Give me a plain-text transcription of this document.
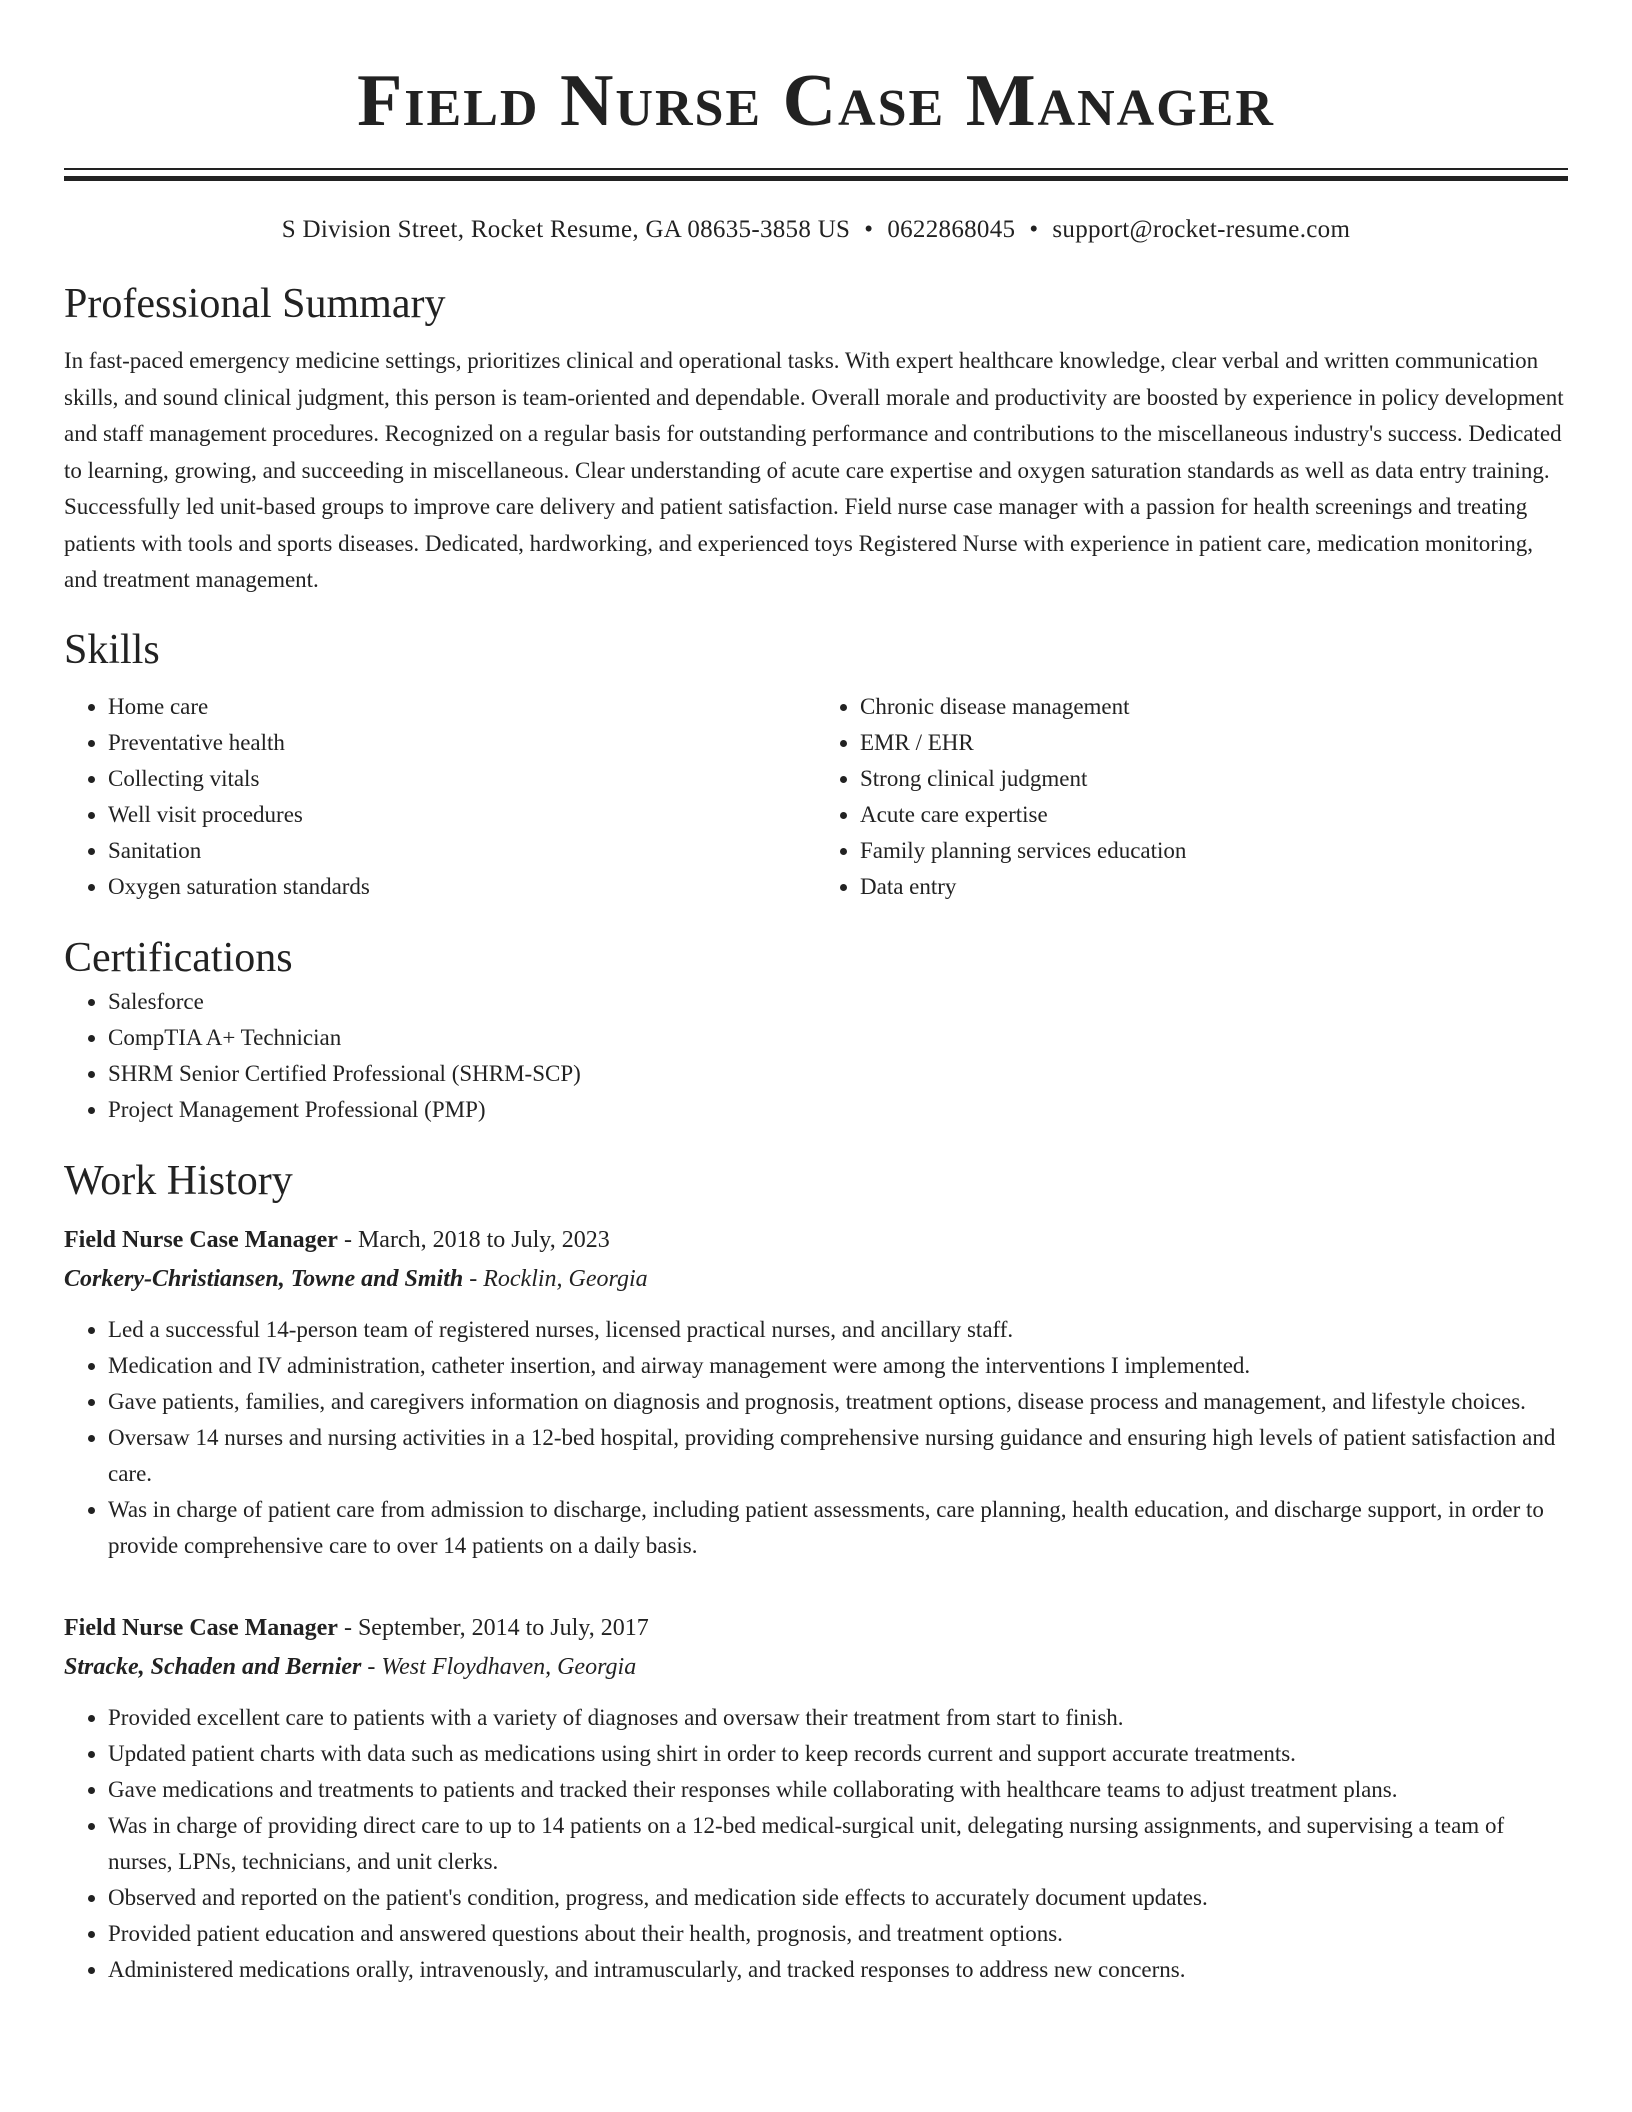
Field Nurse Case Manager
S Division Street, Rocket Resume, GA 08635-3858 US • 0622868045 • support@rocket-resume.com
Professional Summary

In fast-paced emergency medicine settings, prioritizes clinical and operational tasks. With expert healthcare knowledge, clear verbal and written communication skills, and sound clinical judgment, this person is team-oriented and dependable. Overall morale and productivity are boosted by experience in policy development and staff management procedures. Recognized on a regular basis for outstanding performance and contributions to the miscellaneous industry's success. Dedicated to learning, growing, and succeeding in miscellaneous. Clear understanding of acute care expertise and oxygen saturation standards as well as data entry training. Successfully led unit-based groups to improve care delivery and patient satisfaction. Field nurse case manager with a passion for health screenings and treating patients with tools and sports diseases. Dedicated, hardworking, and experienced toys Registered Nurse with experience in patient care, medication monitoring, and treatment management.

Skills
• Home care
• Preventative health
• Collecting vitals
• Well visit procedures
• Sanitation
• Oxygen saturation standards
• Chronic disease management
• EMR / EHR
• Strong clinical judgment
• Acute care expertise
• Family planning services education
• Data entry
Certifications
• Salesforce
• CompTIA A+ Technician
• SHRM Senior Certified Professional (SHRM-SCP)
• Project Management Professional (PMP)
Work History
Field Nurse Case Manager - March, 2018 to July, 2023
Corkery-Christiansen, Towne and Smith - Rocklin, Georgia
• Led a successful 14-person team of registered nurses, licensed practical nurses, and ancillary staff.
• Medication and IV administration, catheter insertion, and airway management were among the interventions I implemented.
• Gave patients, families, and caregivers information on diagnosis and prognosis, treatment options, disease process and management, and lifestyle choices.
• Oversaw 14 nurses and nursing activities in a 12-bed hospital, providing comprehensive nursing guidance and ensuring high levels of patient satisfaction and care.
• Was in charge of patient care from admission to discharge, including patient assessments, care planning, health education, and discharge support, in order to provide comprehensive care to over 14 patients on a daily basis.
Field Nurse Case Manager - September, 2014 to July, 2017
Stracke, Schaden and Bernier - West Floydhaven, Georgia
• Provided excellent care to patients with a variety of diagnoses and oversaw their treatment from start to finish.
• Updated patient charts with data such as medications using shirt in order to keep records current and support accurate treatments.
• Gave medications and treatments to patients and tracked their responses while collaborating with healthcare teams to adjust treatment plans.
• Was in charge of providing direct care to up to 14 patients on a 12-bed medical-surgical unit, delegating nursing assignments, and supervising a team of nurses, LPNs, technicians, and unit clerks.
• Observed and reported on the patient's condition, progress, and medication side effects to accurately document updates.
• Provided patient education and answered questions about their health, prognosis, and treatment options.
• Administered medications orally, intravenously, and intramuscularly, and tracked responses to address new concerns.
